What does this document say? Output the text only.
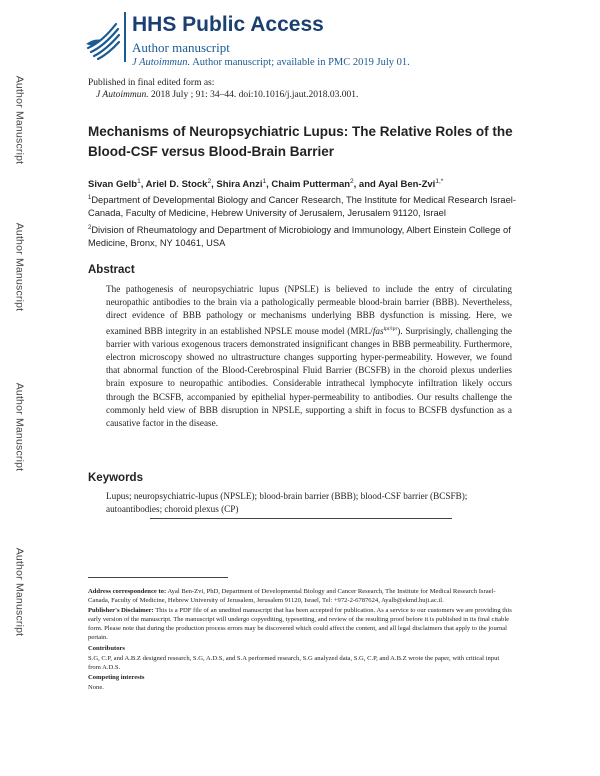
Author Manuscript
Author Manuscript
Author Manuscript
Author Manuscript
HHS Public Access
Author manuscript
J Autoimmun. Author manuscript; available in PMC 2019 July 01.
Published in final edited form as:
J Autoimmun. 2018 July ; 91: 34–44. doi:10.1016/j.jaut.2018.03.001.
Mechanisms of Neuropsychiatric Lupus: The Relative Roles of the Blood-CSF versus Blood-Brain Barrier
Sivan Gelb$^1$, Ariel D. Stock$^2$, Shira Anzi$^1$, Chaim Putterman$^2$, and Ayal Ben-Zvi$^{1,*}$
$^1$Department of Developmental Biology and Cancer Research, The Institute for Medical Research Israel-Canada, Faculty of Medicine, Hebrew University of Jerusalem, Jerusalem 91120, Israel
$^2$Division of Rheumatology and Department of Microbiology and Immunology, Albert Einstein College of Medicine, Bronx, NY 10461, USA
Abstract
The pathogenesis of neuropsychiatric lupus (NPSLE) is believed to include the entry of circulating neuropathic antibodies to the brain via a pathologically permeable blood-brain barrier (BBB). Nevertheless, direct evidence of BBB pathology or mechanisms underlying BBB dysfunction is missing. Here, we examined BBB integrity in an established NPSLE mouse model (MRL/fas$^{lpr/lpr}$). Surprisingly, challenging the barrier with various exogenous tracers demonstrated insignificant changes in BBB permeability. Furthermore, electron microscopy showed no ultrastructure changes supporting hyper-permeability. However, we found that abnormal function of the Blood-Cerebrospinal Fluid Barrier (BCSFB) in the choroid plexus underlies brain exposure to neuropathic antibodies. Considerable intrathecal lymphocyte infiltration likely occurs through the BCSFB, accompanied by epithelial hyper-permeability to antibodies. Our results challenge the commonly held view of BBB disruption in NPSLE, supporting a shift in focus to BCSFB dysfunction as a causative factor in the disease.
Keywords
Lupus; neuropsychiatric-lupus (NPSLE); blood-brain barrier (BBB); blood-CSF barrier (BCSFB); autoantibodies; choroid plexus (CP)

Address correspondence to: Ayal Ben-Zvi, PhD, Department of Developmental Biology and Cancer Research, The Institute for Medical Research Israel-Canada, Faculty of Medicine, Hebrew University of Jerusalem, Jerusalem 91120, Israel, Tel: +972-2-6787624, Ayalb@ekmd.huji.ac.il.

Publisher's Disclaimer: This is a PDF file of an unedited manuscript that has been accepted for publication. As a service to our customers we are providing this early version of the manuscript. The manuscript will undergo copyediting, typesetting, and review of the resulting proof before it is published in its final citable form. Please note that during the production process errors may be discovered which could affect the content, and all legal disclaimers that apply to the journal pertain.

Contributors

S.G, C.P, and A.B.Z designed research, S.G, A.D.S, and S.A performed research, S.G analyzed data, S.G, C.P, and A.B.Z wrote the paper, with critical input from A.D.S.

Competing interests

None.
